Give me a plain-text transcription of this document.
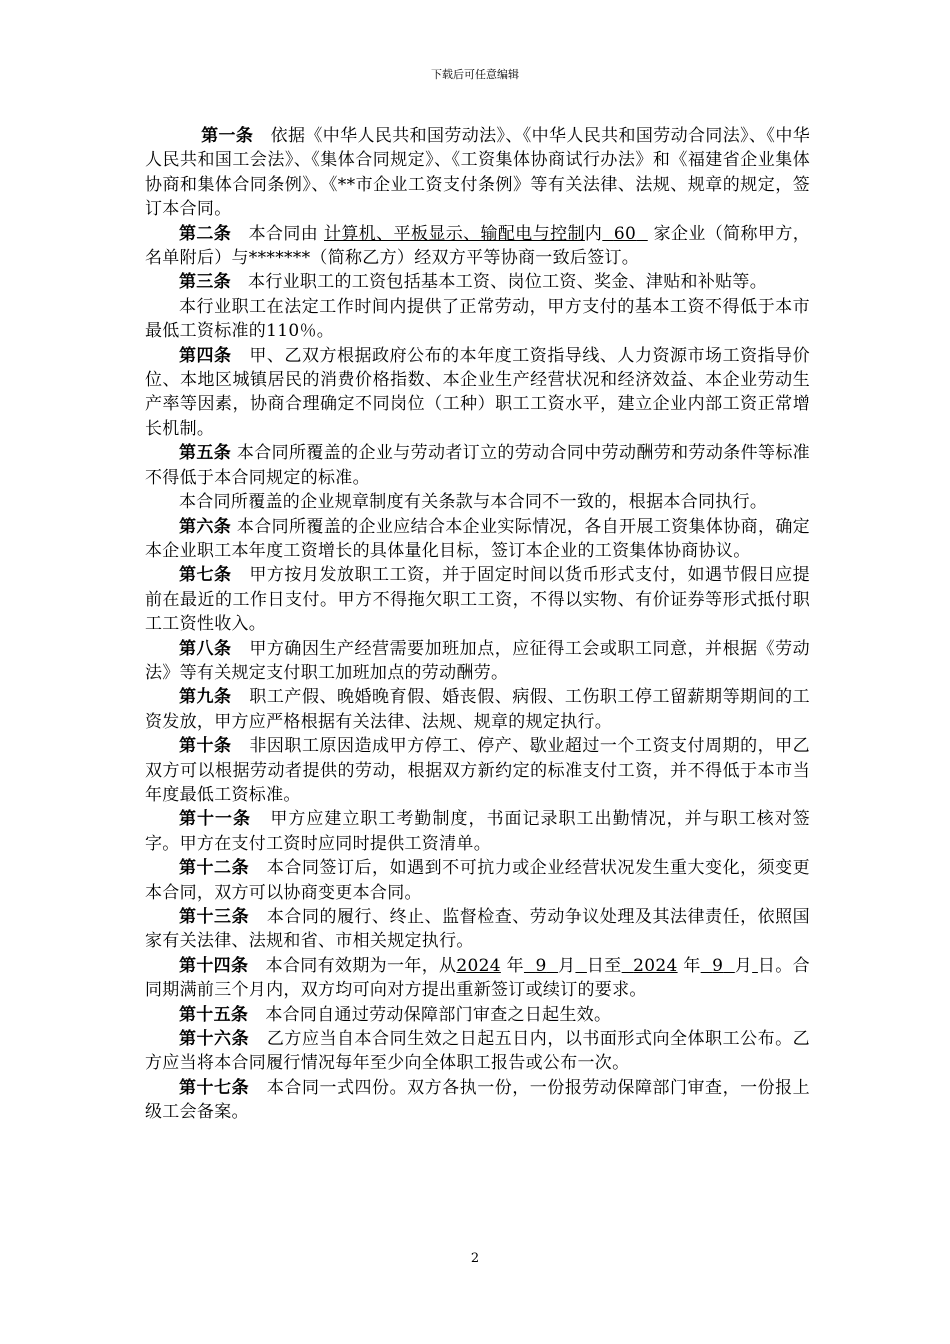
下载后可任意编辑

第一条 依据《中华人民共和国劳动法》、《中华人民共和国劳动合同法》、《中华人民共和国工会法》、《集体合同规定》、《工资集体协商试行办法》和《福建省企业集体协商和集体合同条例》、《**市企业工资支付条例》等有关法律、法规、规章的规定，签订本合同。

第二条 本合同由 计算机、平板显示、输配电与控制内 60 家企业（简称甲方，名单附后）与*******（简称乙方）经双方平等协商一致后签订。

第三条 本行业职工的工资包括基本工资、岗位工资、奖金、津贴和补贴等。

本行业职工在法定工作时间内提供了正常劳动，甲方支付的基本工资不得低于本市最低工资标准的110％。

第四条 甲、乙双方根据政府公布的本年度工资指导线、人力资源市场工资指导价位、本地区城镇居民的消费价格指数、本企业生产经营状况和经济效益、本企业劳动生产率等因素，协商合理确定不同岗位（工种）职工工资水平，建立企业内部工资正常增长机制。

第五条 本合同所覆盖的企业与劳动者订立的劳动合同中劳动酬劳和劳动条件等标准不得低于本合同规定的标准。

本合同所覆盖的企业规章制度有关条款与本合同不一致的，根据本合同执行。

第六条 本合同所覆盖的企业应结合本企业实际情况，各自开展工资集体协商，确定本企业职工本年度工资增长的具体量化目标，签订本企业的工资集体协商协议。

第七条 甲方按月发放职工工资，并于固定时间以货币形式支付，如遇节假日应提前在最近的工作日支付。甲方不得拖欠职工工资，不得以实物、有价证券等形式抵付职工工资性收入。

第八条 甲方确因生产经营需要加班加点，应征得工会或职工同意，并根据《劳动法》等有关规定支付职工加班加点的劳动酬劳。

第九条 职工产假、晚婚晚育假、婚丧假、病假、工伤职工停工留薪期等期间的工资发放，甲方应严格根据有关法律、法规、规章的规定执行。

第十条 非因职工原因造成甲方停工、停产、歇业超过一个工资支付周期的，甲乙双方可以根据劳动者提供的劳动，根据双方新约定的标准支付工资，并不得低于本市当年度最低工资标准。

第十一条 甲方应建立职工考勤制度，书面记录职工出勤情况，并与职工核对签字。甲方在支付工资时应同时提供工资清单。

第十二条 本合同签订后，如遇到不可抗力或企业经营状况发生重大变化，须变更本合同，双方可以协商变更本合同。

第十三条 本合同的履行、终止、监督检查、劳动争议处理及其法律责任，依照国家有关法律、法规和省、市相关规定执行。

第十四条 本合同有效期为一年，从2024 年 9 月 日至 2024 年 9 月 日。合同期满前三个月内，双方均可向对方提出重新签订或续订的要求。

第十五条 本合同自通过劳动保障部门审查之日起生效。

第十六条 乙方应当自本合同生效之日起五日内，以书面形式向全体职工公布。乙方应当将本合同履行情况每年至少向全体职工报告或公布一次。

第十七条 本合同一式四份。双方各执一份，一份报劳动保障部门审查，一份报上级工会备案。

2
